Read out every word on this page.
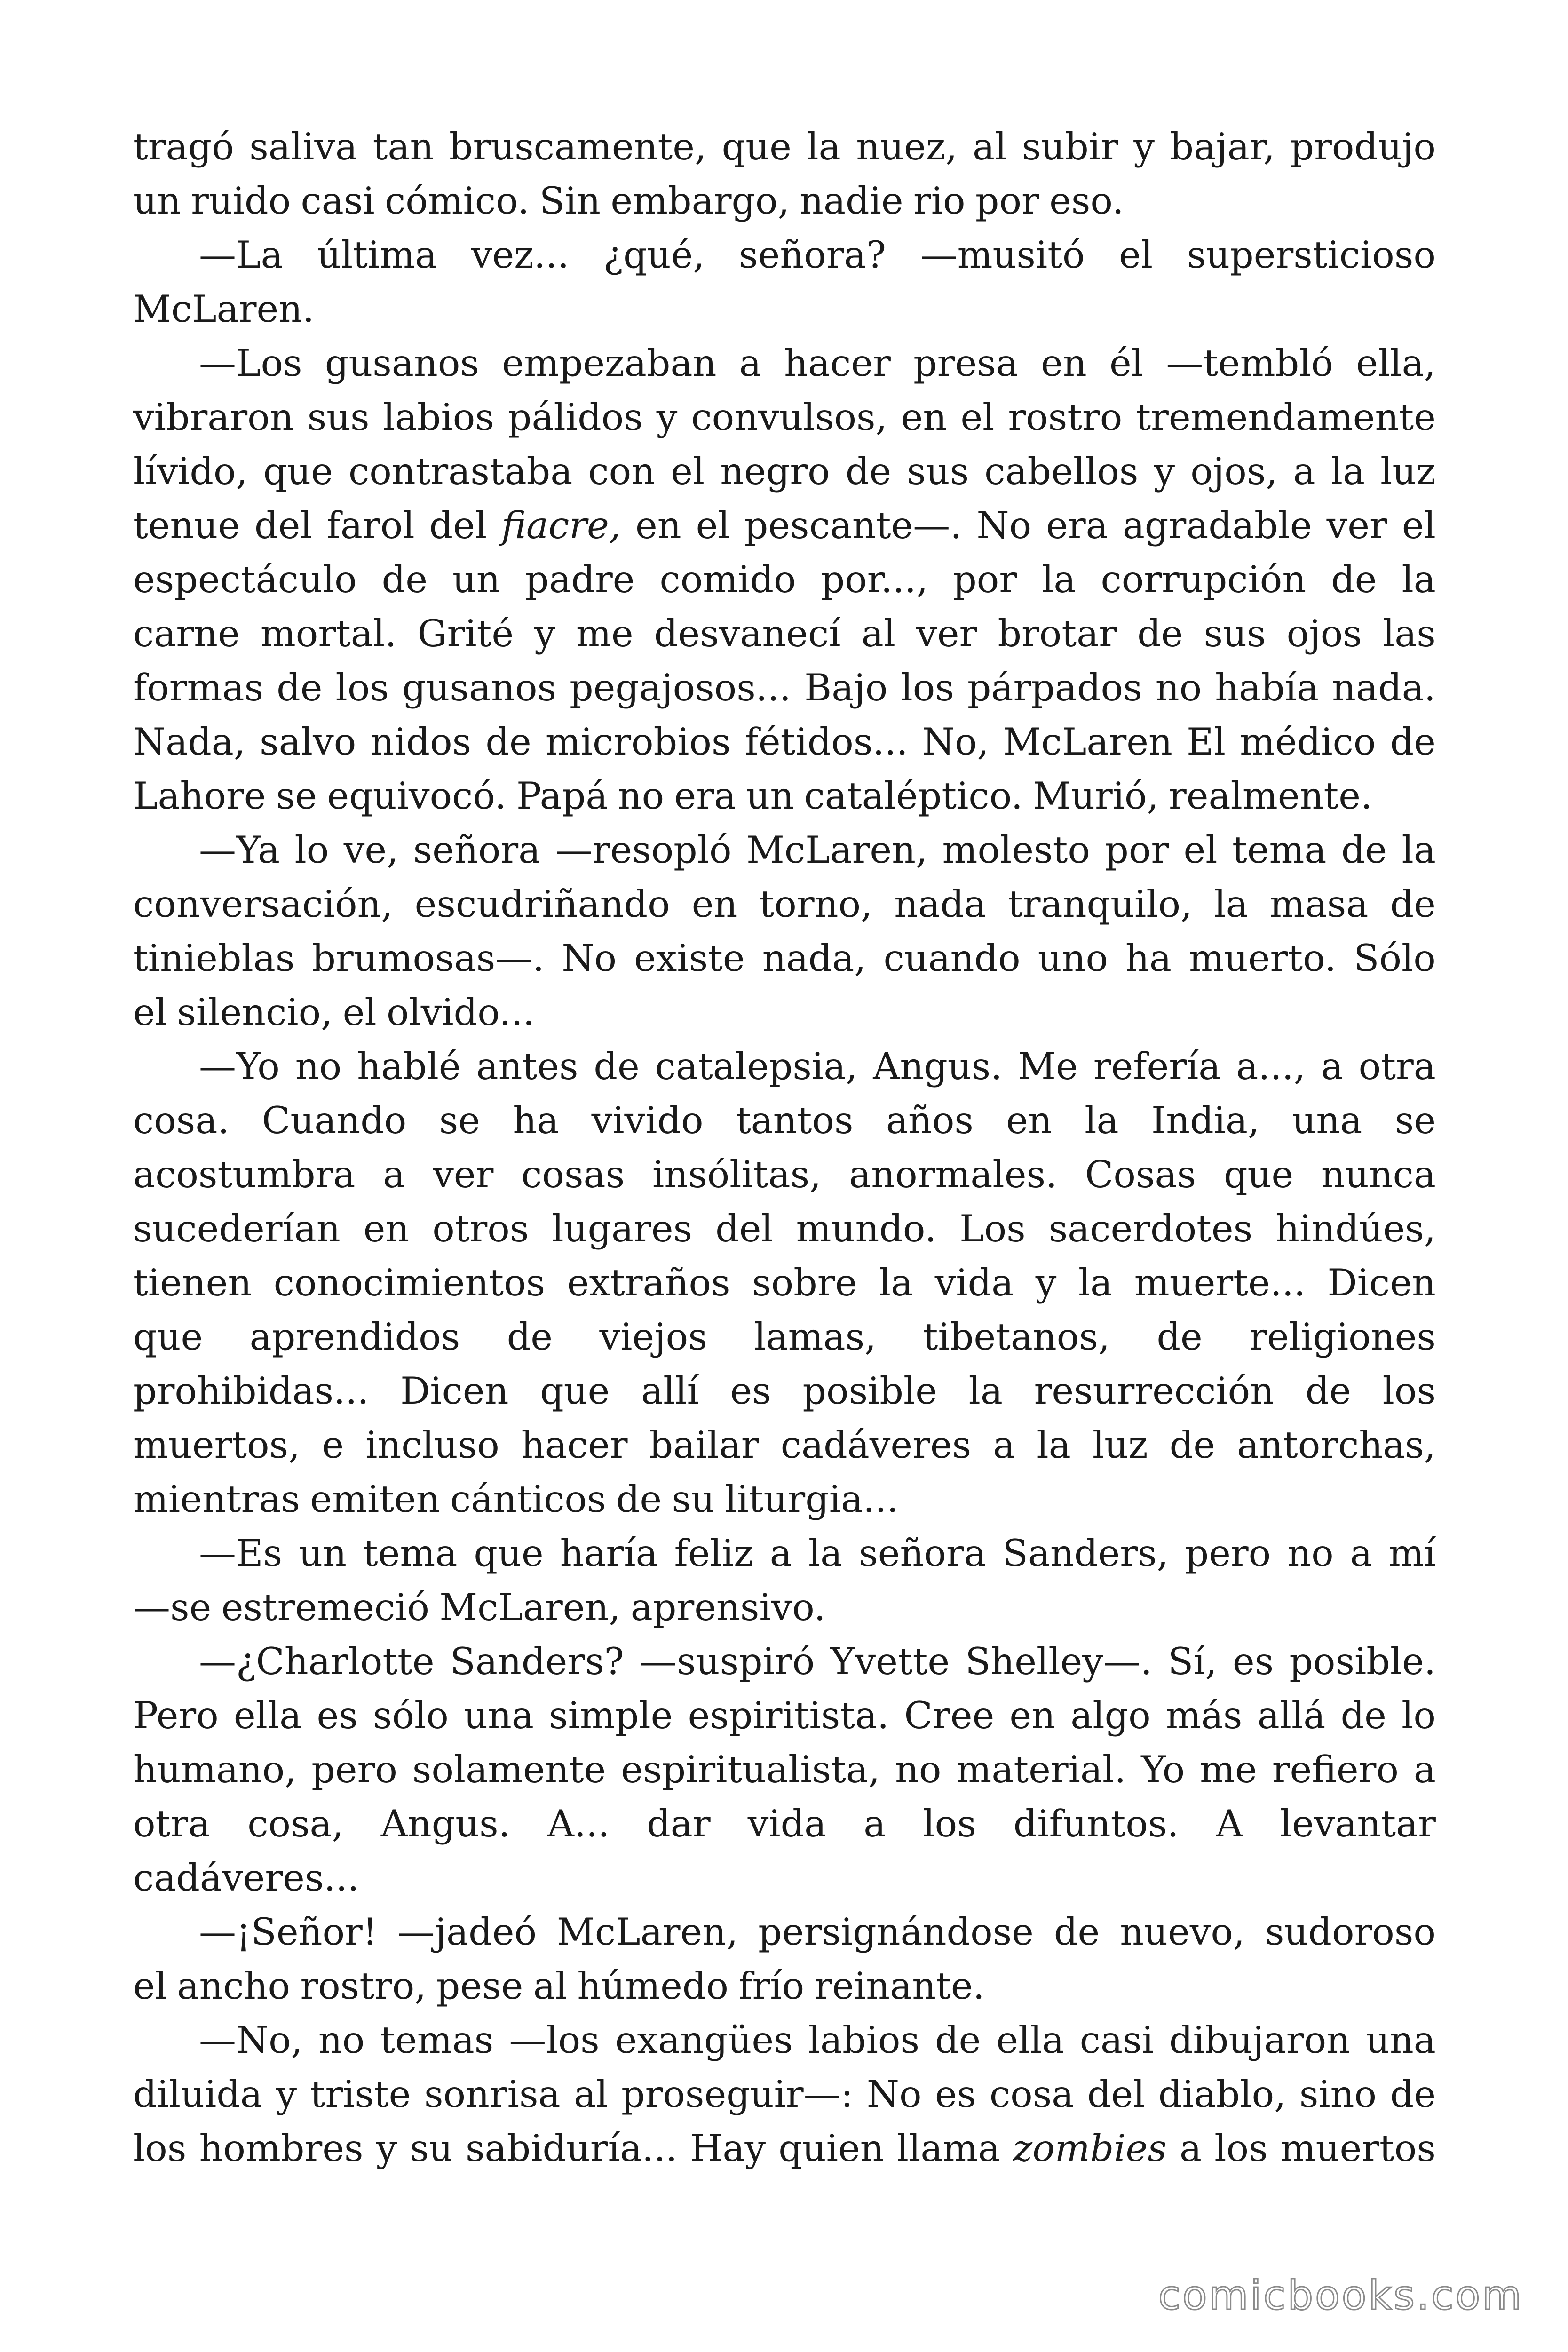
tragó saliva tan bruscamente, que la nuez, al subir y bajar, produjo
un ruido casi cómico. Sin embargo, nadie rio por eso.
—La última vez... ¿qué, señora? —musitó el supersticioso
McLaren.
—Los gusanos empezaban a hacer presa en él —tembló ella,
vibraron sus labios pálidos y convulsos, en el rostro tremendamente
lívido, que contrastaba con el negro de sus cabellos y ojos, a la luz
tenue del farol del fiacre, en el pescante—. No era agradable ver el
espectáculo de un padre comido por..., por la corrupción de la
carne mortal. Grité y me desvanecí al ver brotar de sus ojos las
formas de los gusanos pegajosos... Bajo los párpados no había nada.
Nada, salvo nidos de microbios fétidos... No, McLaren El médico de
Lahore se equivocó. Papá no era un cataléptico. Murió, realmente.
—Ya lo ve, señora —resopló McLaren, molesto por el tema de la
conversación, escudriñando en torno, nada tranquilo, la masa de
tinieblas brumosas—. No existe nada, cuando uno ha muerto. Sólo
el silencio, el olvido...
—Yo no hablé antes de catalepsia, Angus. Me refería a..., a otra
cosa. Cuando se ha vivido tantos años en la India, una se
acostumbra a ver cosas insólitas, anormales. Cosas que nunca
sucederían en otros lugares del mundo. Los sacerdotes hindúes,
tienen conocimientos extraños sobre la vida y la muerte... Dicen
que aprendidos de viejos lamas, tibetanos, de religiones
prohibidas... Dicen que allí es posible la resurrección de los
muertos, e incluso hacer bailar cadáveres a la luz de antorchas,
mientras emiten cánticos de su liturgia...
—Es un tema que haría feliz a la señora Sanders, pero no a mí
—se estremeció McLaren, aprensivo.
—¿Charlotte Sanders? —suspiró Yvette Shelley—. Sí, es posible.
Pero ella es sólo una simple espiritista. Cree en algo más allá de lo
humano, pero solamente espiritualista, no material. Yo me refiero a
otra cosa, Angus. A... dar vida a los difuntos. A levantar
cadáveres...
—¡Señor! —jadeó McLaren, persignándose de nuevo, sudoroso
el ancho rostro, pese al húmedo frío reinante.
—No, no temas —los exangües labios de ella casi dibujaron una
diluida y triste sonrisa al proseguir—: No es cosa del diablo, sino de
los hombres y su sabiduría... Hay quien llama zombies a los muertos
comicbooks.com
